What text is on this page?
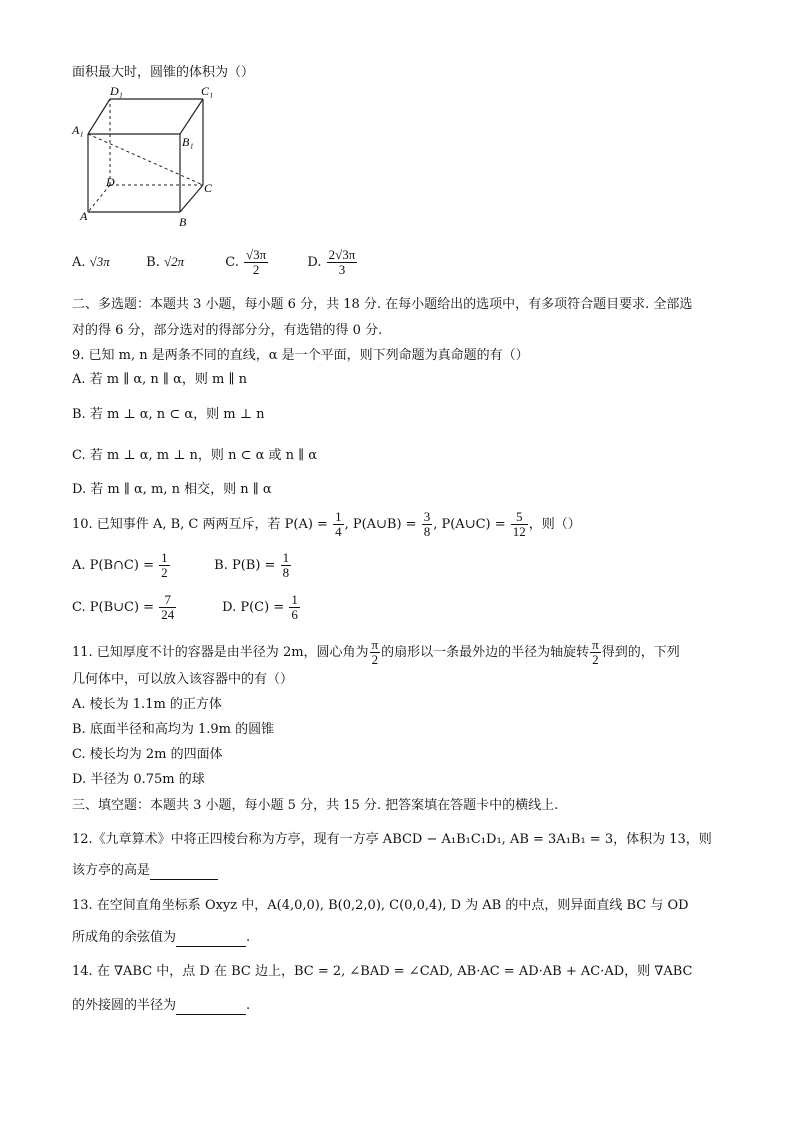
面积最大时，圆锥的体积为（）
D₁	C₁
A₁
B₁
D	C
A	B
A. √3π	B. √2π	C. $\frac{√3\pi}{2}$	D. $\frac{2√3\pi}{3}$
二、多选题：本题共 3 小题，每小题 6 分，共 18 分. 在每小题给出的选项中，有多项符合题目要求. 全部选
对的得 6 分，部分选对的得部分分，有选错的得 0 分.
9. 已知 m, n 是两条不同的直线，α 是一个平面，则下列命题为真命题的有（）
A. 若 m ∥ α, n ∥ α，则 m ∥ n
B. 若 m ⊥ α, n ⊂ α，则 m ⊥ n
C. 若 m ⊥ α, m ⊥ n，则 n ⊂ α 或 n ∥ α
D. 若 m ∥ α, m, n 相交，则 n ∥ α
10. 已知事件 A, B, C 两两互斥，若 $P(A) = \frac{1}{4}$ , P(A∪B) = $\frac{3}{8}$ , P(A∪C) = $\frac{5}{12}$ ，则（）
A. P(B∩C) = $\frac{1}{2}$	B. $P(B) = \frac{1}{8}$
C. P(B∪C) = $\frac{7}{24}$	D. $P(C) = \frac{1}{6}$
11. 已知厚度不计的容器是由半径为 2m，圆心角为 $\frac{\pi}{2}$ 的扇形以一条最外边的半径为轴旋转 $\frac{\pi}{2}$ 得到的，下列
几何体中，可以放入该容器中的有（）
A. 棱长为 1.1m 的正方体
B. 底面半径和高均为 1.9m 的圆锥
C. 棱长均为 2m 的四面体
D. 半径为 0.75m 的球
三、填空题：本题共 3 小题，每小题 5 分，共 15 分. 把答案填在答题卡中的横线上.
12.《九章算术》中将正四棱台称为方亭，现有一方亭 ABCD − A₁B₁C₁D₁, AB = 3A₁B₁ = 3，体积为 13，则
该方亭的高是
13. 在空间直角坐标系 Oxyz 中，A(4,0,0), B(0,2,0), C(0,0,4), D 为 AB 的中点，则异面直线 BC 与 OD
所成角的余弦值为	.
14. 在 ∇ABC 中，点 D 在 BC 边上，BC = 2, ∠BAD = ∠CAD, AB·AC = AD·AB + AC·AD，则 ∇ABC
的外接圆的半径为	.
